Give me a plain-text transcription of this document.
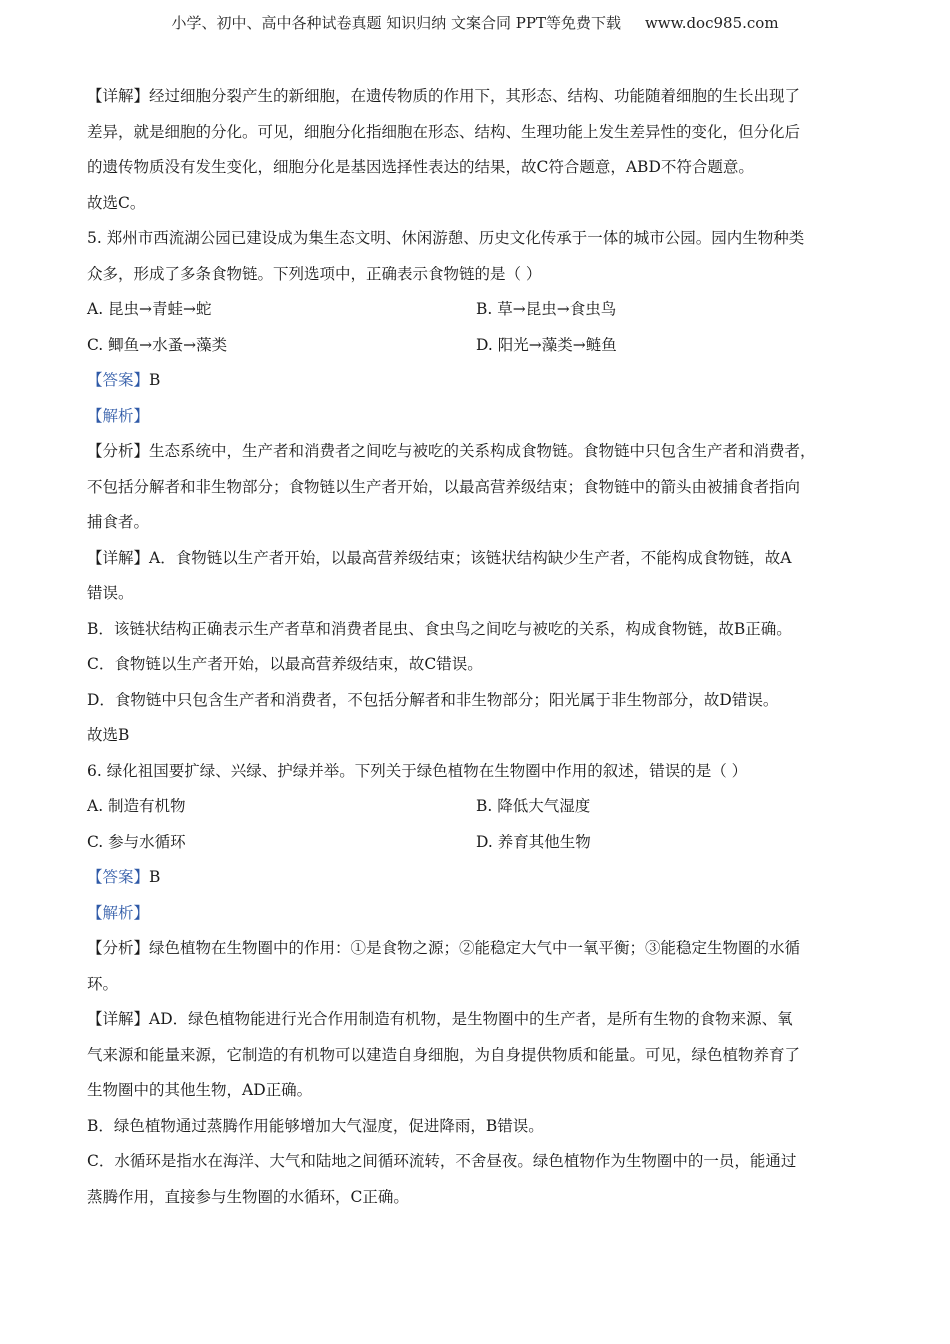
小学、初中、高中各种试卷真题 知识归纳 文案合同 PPT等免费下载 www.doc985.com

【详解】经过细胞分裂产生的新细胞，在遗传物质的作用下，其形态、结构、功能随着细胞的生长出现了

差异，就是细胞的分化。可见，细胞分化指细胞在形态、结构、生理功能上发生差异性的变化，但分化后

的遗传物质没有发生变化，细胞分化是基因选择性表达的结果，故C符合题意，ABD不符合题意。

故选C。

5. 郑州市西流湖公园已建设成为集生态文明、休闲游憩、历史文化传承于一体的城市公园。园内生物种类

众多，形成了多条食物链。下列选项中，正确表示食物链的是（ ）

A. 昆虫→青蛙→蛇	B. 草→昆虫→食虫鸟
C. 鲫鱼→水蚤→藻类	D. 阳光→藻类→鲢鱼

【答案】B

【解析】

【分析】生态系统中，生产者和消费者之间吃与被吃的关系构成食物链。食物链中只包含生产者和消费者，

不包括分解者和非生物部分；食物链以生产者开始，以最高营养级结束；食物链中的箭头由被捕食者指向

捕食者。

【详解】A．食物链以生产者开始，以最高营养级结束；该链状结构缺少生产者，不能构成食物链，故A

错误。

B．该链状结构正确表示生产者草和消费者昆虫、食虫鸟之间吃与被吃的关系，构成食物链，故B正确。

C．食物链以生产者开始，以最高营养级结束，故C错误。

D．食物链中只包含生产者和消费者，不包括分解者和非生物部分；阳光属于非生物部分，故D错误。

故选B

6. 绿化祖国要扩绿、兴绿、护绿并举。下列关于绿色植物在生物圈中作用的叙述，错误的是（ ）

A. 制造有机物	B. 降低大气湿度
C. 参与水循环	D. 养育其他生物

【答案】B

【解析】

【分析】绿色植物在生物圈中的作用：①是食物之源；②能稳定大气中一氧平衡；③能稳定生物圈的水循

环。

【详解】AD．绿色植物能进行光合作用制造有机物，是生物圈中的生产者，是所有生物的食物来源、氧

气来源和能量来源，它制造的有机物可以建造自身细胞，为自身提供物质和能量。可见，绿色植物养育了

生物圈中的其他生物，AD正确。

B．绿色植物通过蒸腾作用能够增加大气湿度，促进降雨，B错误。

C．水循环是指水在海洋、大气和陆地之间循环流转，不舍昼夜。绿色植物作为生物圈中的一员，能通过

蒸腾作用，直接参与生物圈的水循环，C正确。
